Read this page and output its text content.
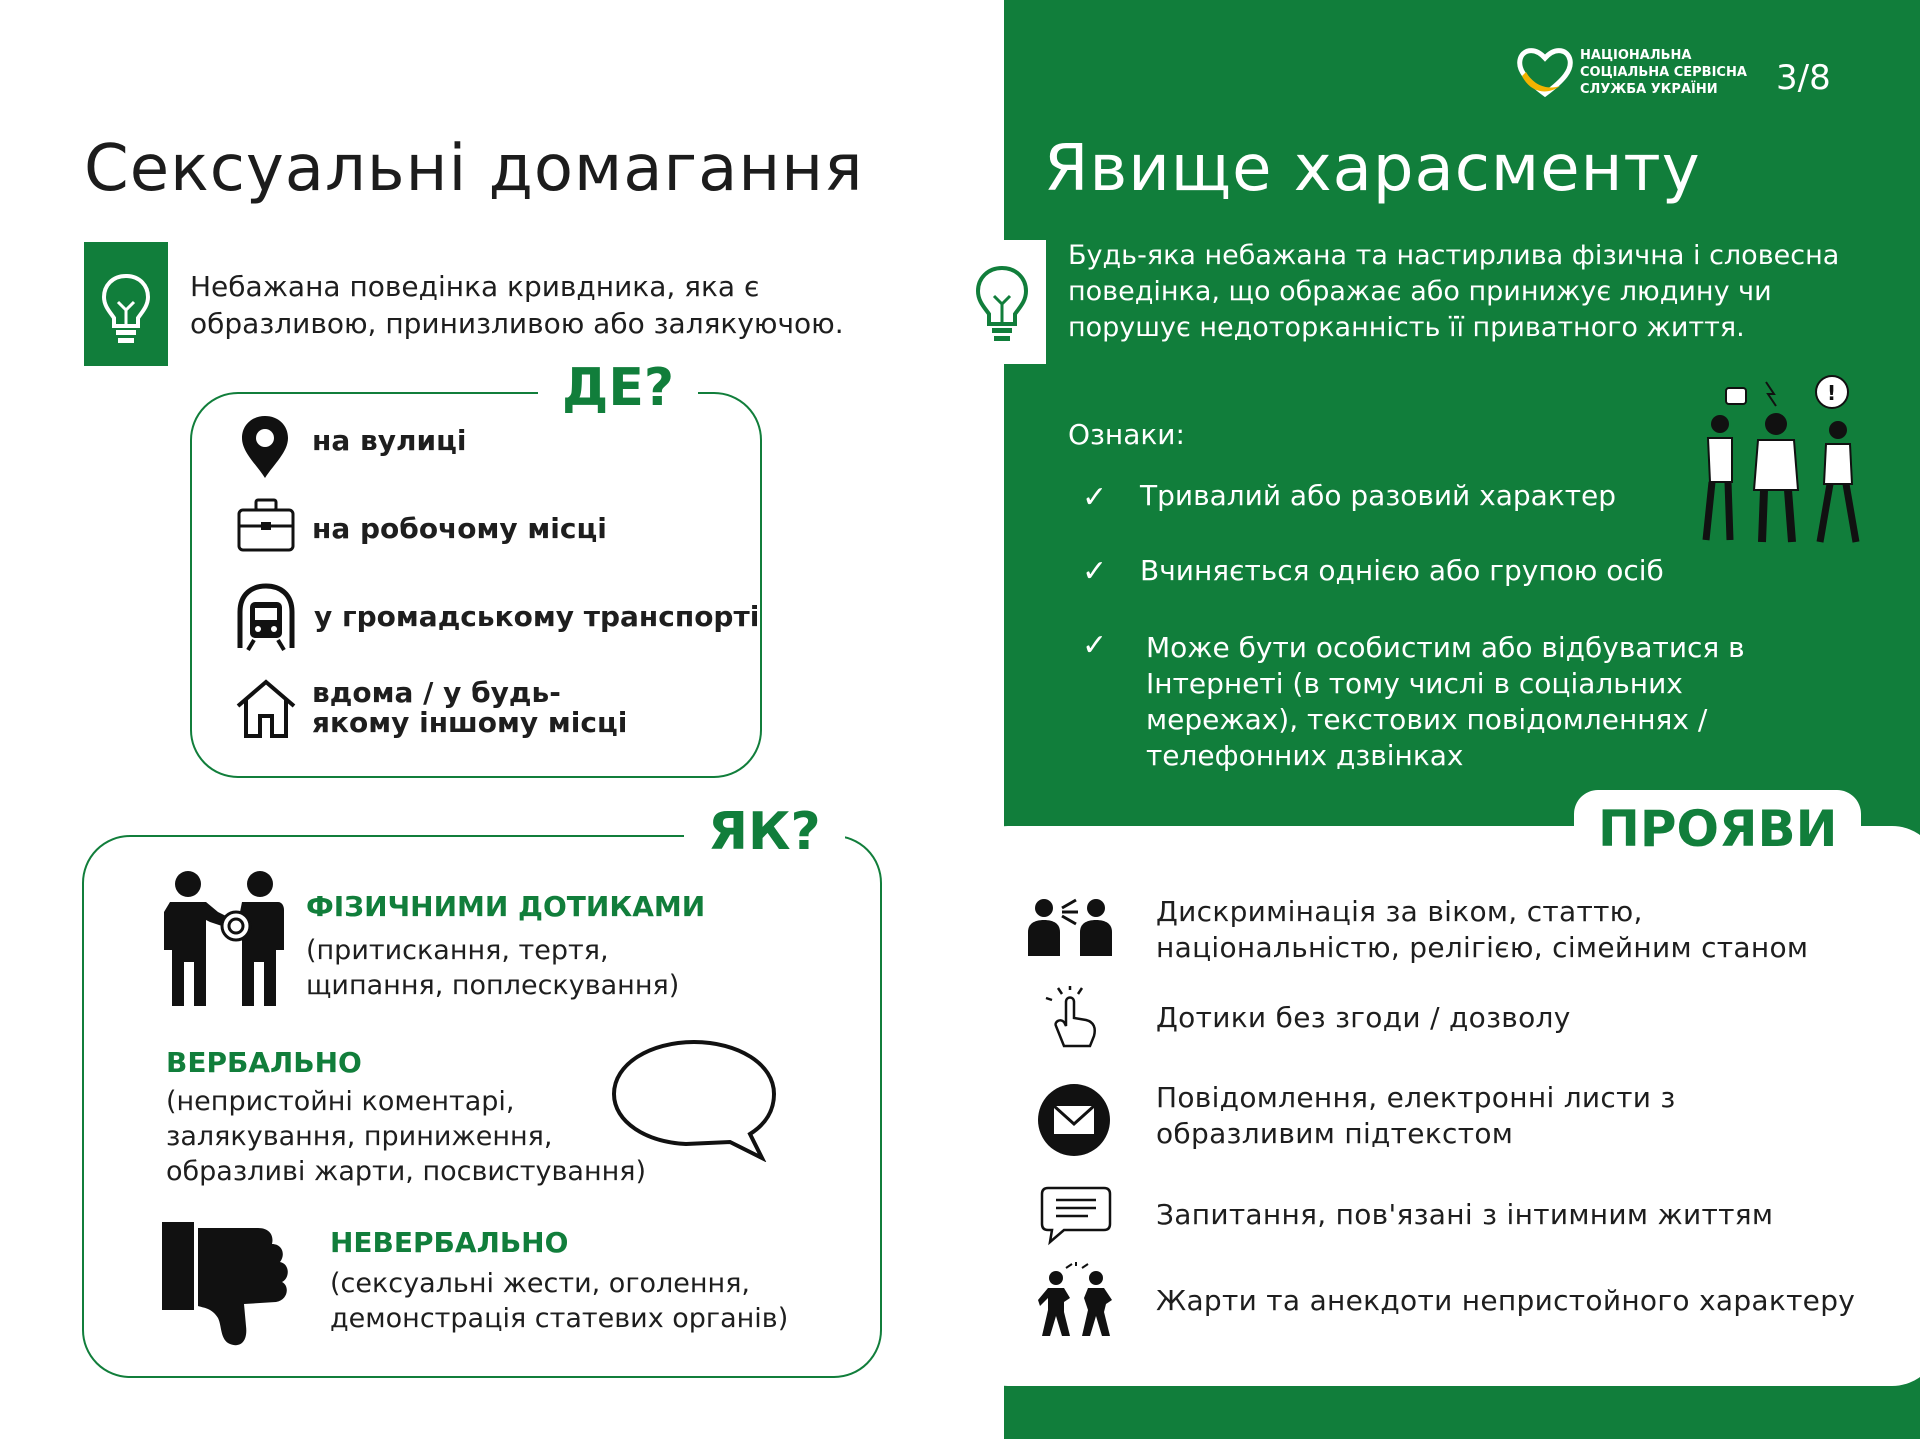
НАЦІОНАЛЬНА
СОЦІАЛЬНА СЕРВІСНА
СЛУЖБА УКРАЇНИ	3/8
Сексуальні домагання	Явище харасменту
Небажана поведінка кривдника, яка є образливою, принизливою або залякуючою.
ДЕ?
на вулиці
на робочому місці
у громадському транспорті
вдома / у будь-якому іншому місці
ЯК?
ФІЗИЧНИМИ ДОТИКАМИ
(притискання, тертя,
щипання, поплескування)
ВЕРБАЛЬНО
(непристойні коментарі,
залякування, приниження,
образливі жарти, посвистування)
НЕВЕРБАЛЬНО
(сексуальні жести, оголення,
демонстрація статевих органів)
Будь-яка небажана та настирлива фізична і словесна поведінка, що ображає або принижує людину чи порушує недоторканність її приватного життя.
Ознаки:
✓ Тривалий або разовий характер
✓ Вчиняється однією або групою осіб
✓ Може бути особистим або відбуватися в Інтернеті (в тому числі в соціальних мережах), текстових повідомленнях / телефонних дзвінках
!
ПРОЯВИ
Дискримінація за віком, статтю, національністю, релігією, сімейним станом
Дотики без згоди / дозволу
Повідомлення, електронні листи з образливим підтекстом
Запитання, пов'язані з інтимним життям
Жарти та анекдоти непристойного характеру
